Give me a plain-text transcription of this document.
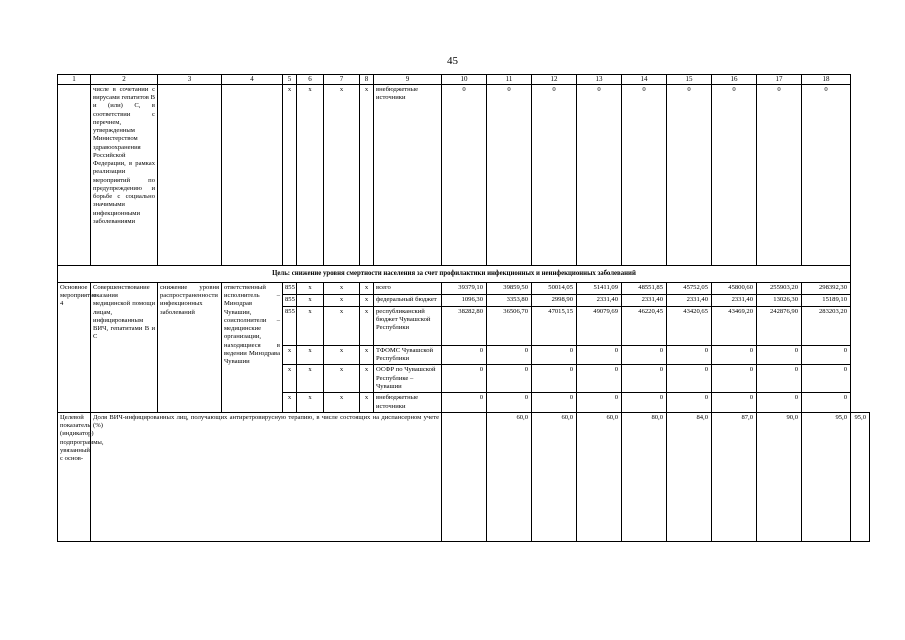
45
1	2	3	4	5	6	7	8	9	10	11	12	13	14	15	16	17	18	
	числе в сочетании с вирусами гепатитов B и (или) C, в соответствии с перечнем, утвержденным Министерством здравоохранения Российской Федерации, в рамках реализации мероприятий по предупреждению и борьбе с социально значимыми инфекционными заболеваниями			x	x	x	x	внебюджетные источники	0	0	0	0	0	0	0	0	0	
Цель: снижение уровня смертности населения за счет профилактики инфекционных и неинфекционных заболеваний																		
Основное мероприятие 4	Совершенствование оказания медицинской помощи лицам, инфицированным ВИЧ, гепатитами B и C	снижение уровня распространенности инфекционных заболеваний	ответственный исполнитель – Минздрав Чувашии, соисполнители – медицинские организации, находящиеся в ведении Минздрава Чувашии	855	x	x	x	всего	39379,10	39859,50	50014,05	51411,09	48551,85	45752,05	45800,60	255903,20	298392,30	
				855	x	x	x	федеральный бюджет	1096,30	3353,80	2998,90	2331,40	2331,40	2331,40	2331,40	13026,30	15189,10	
				855	x	x	x	республиканский бюджет Чувашской Республики	38282,80	36506,70	47015,15	49079,69	46220,45	43420,65	43469,20	242876,90	283203,20	
				x	x	x	x	ТФОМС Чувашской Республики	0	0	0	0	0	0	0	0	0	
				x	x	x	x	ОСФР по Чувашской Республике – Чувашии	0	0	0	0	0	0	0	0	0	
				x	x	x	x	внебюджетные источники	0	0	0	0	0	0	0	0	0	
Целевой показатель (индикатор) подпрограммы, увязанный с основ-	Доля ВИЧ-инфицированных лиц, получающих антиретровирусную терапию, в числе состоящих на диспансерном учете (%)									60,0	60,0	60,0	80,0	84,0	87,0	90,0	95,0	95,0
